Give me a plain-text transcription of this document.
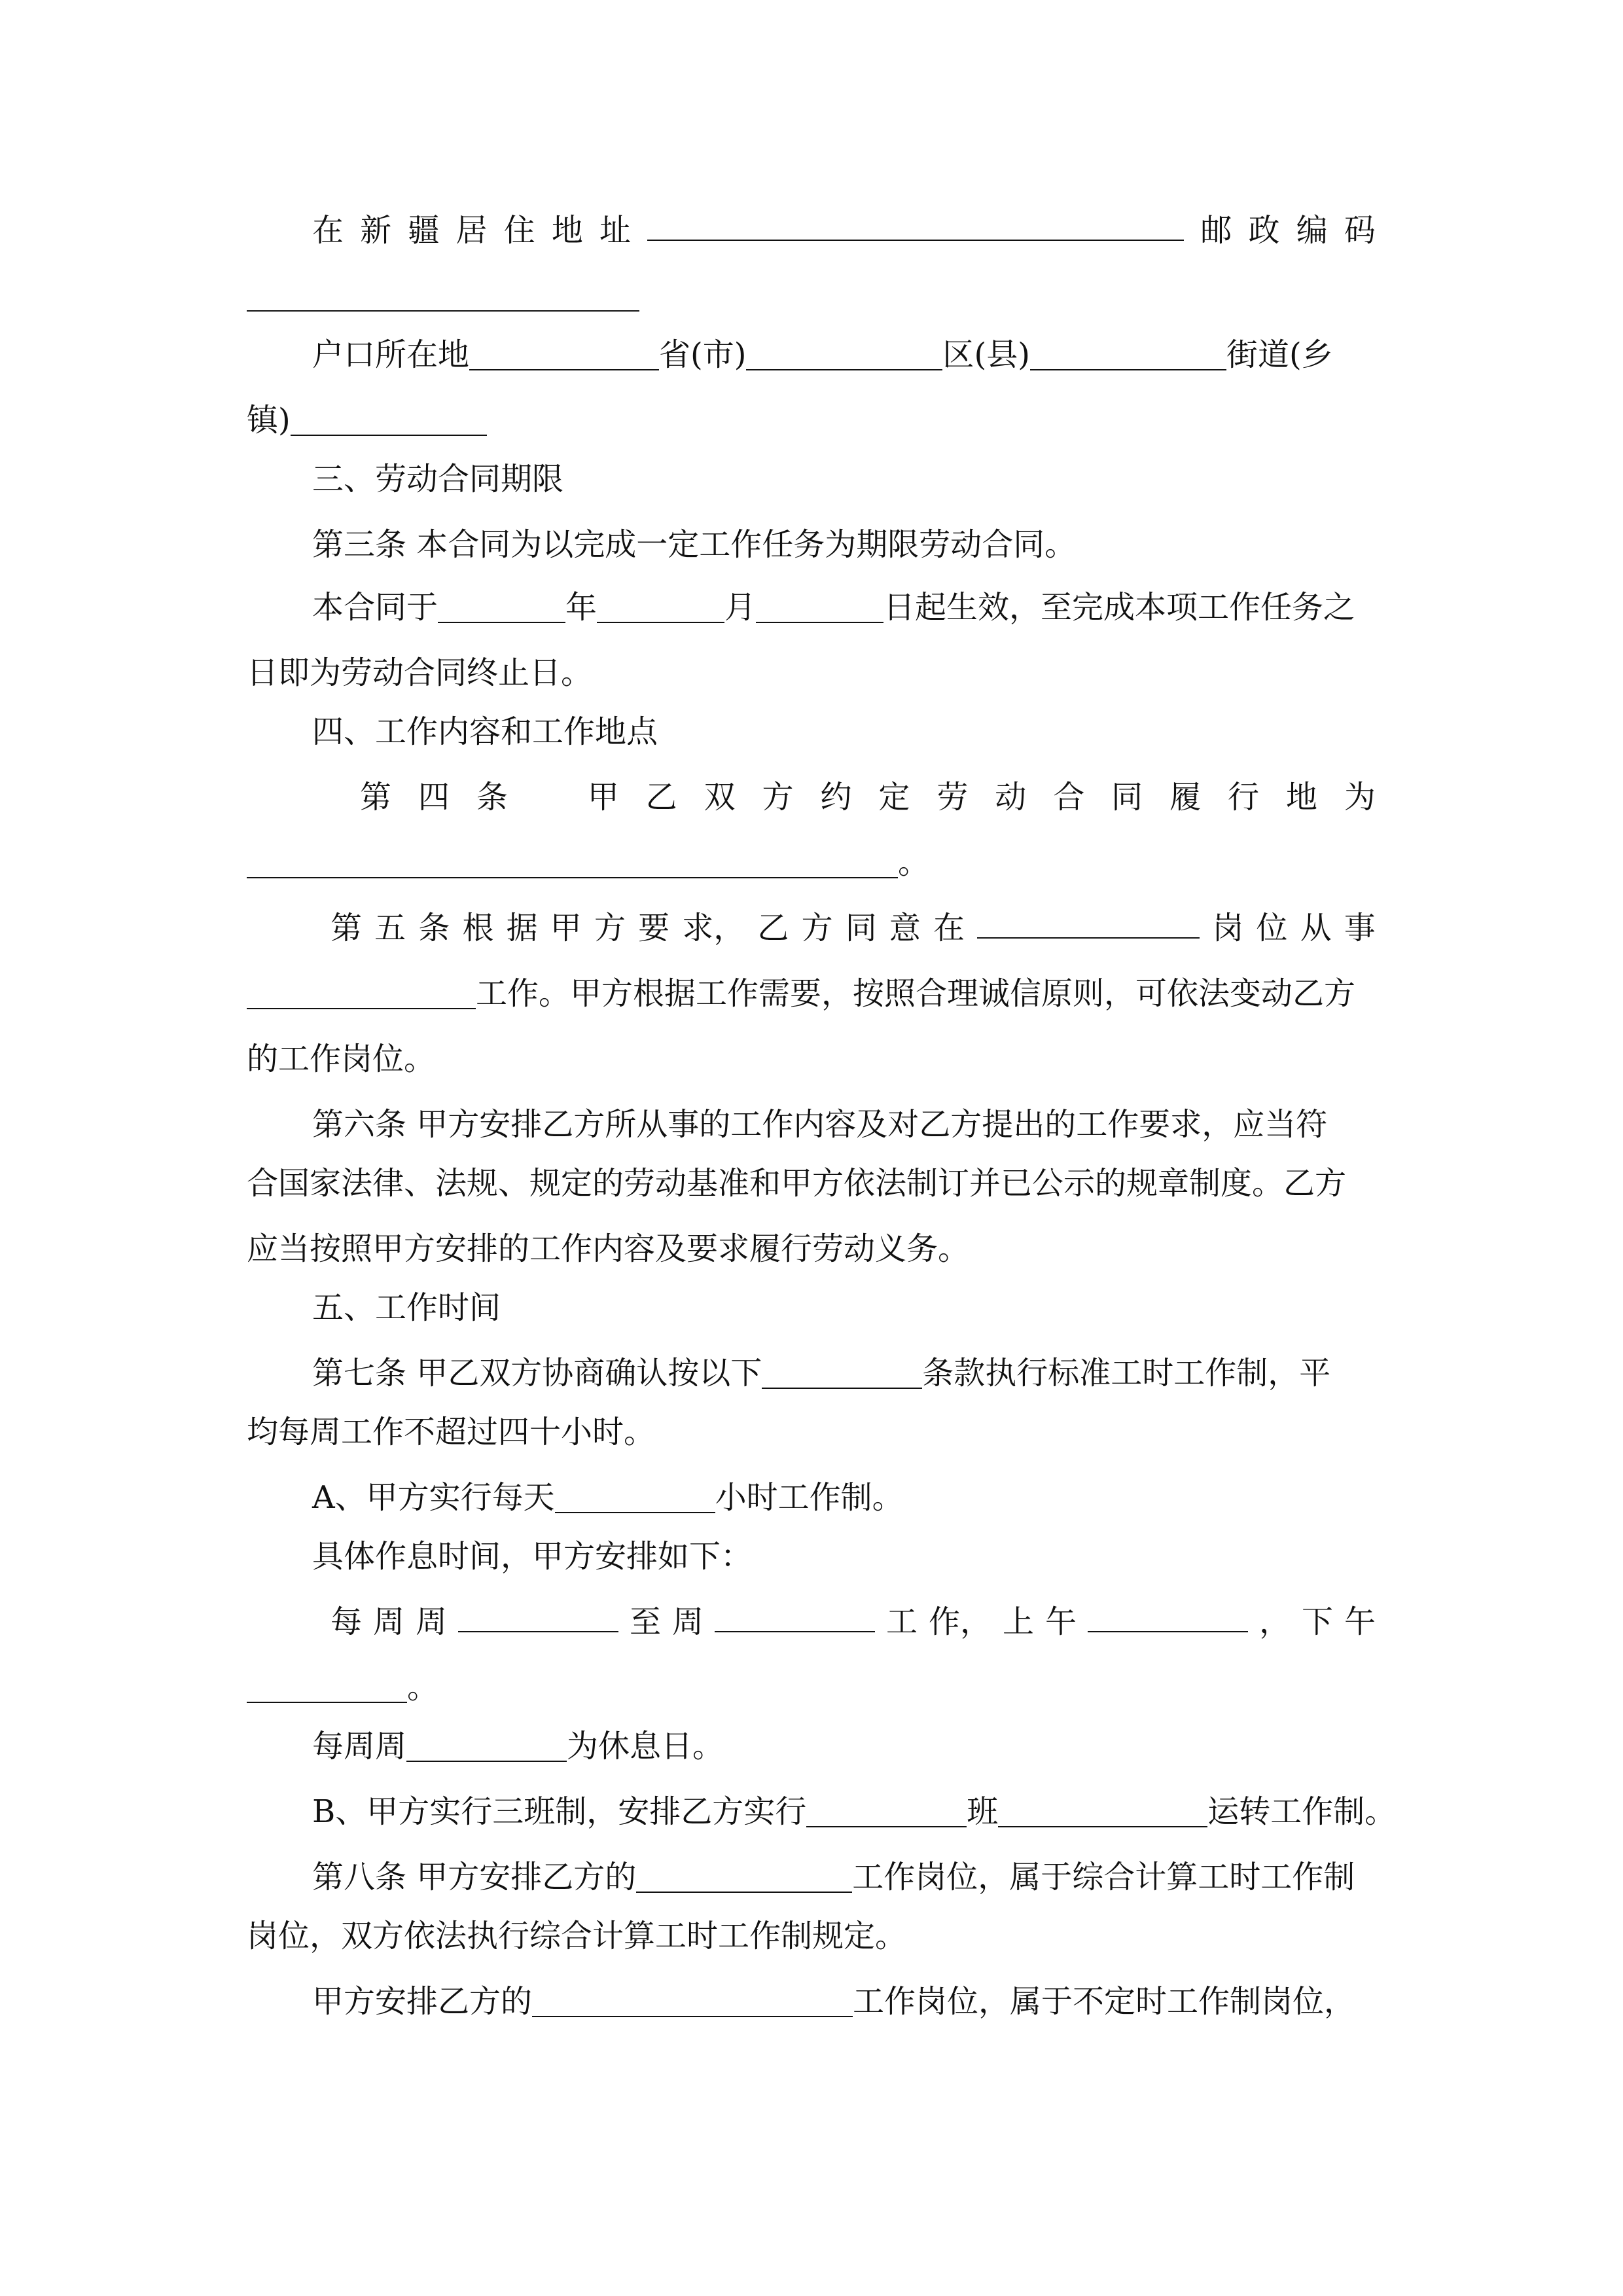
在 新 疆 居 住 地 址	邮 政 编 码
户口所在地	省(市)	区(县)	街道(乡
镇)
三、劳动合同期限
第三条 本合同为以完成一定工作任务为期限劳动合同。
本合同于	年	月	日起生效，至完成本项工作任务之
日即为劳动合同终止日。
四、工作内容和工作地点
第 四 条	甲 乙 双 方 约 定 劳 动 合 同 履 行 地 为
。
第 五 条 根 据 甲 方 要 求， 乙 方 同 意 在	岗 位 从 事
工作。甲方根据工作需要，按照合理诚信原则，可依法变动乙方
的工作岗位。
第六条 甲方安排乙方所从事的工作内容及对乙方提出的工作要求，应当符
合国家法律、法规、规定的劳动基准和甲方依法制订并已公示的规章制度。乙方
应当按照甲方安排的工作内容及要求履行劳动义务。
五、工作时间
第七条 甲乙双方协商确认按以下	条款执行标准工时工作制，平
均每周工作不超过四十小时。
A、甲方实行每天	小时工作制。
具体作息时间，甲方安排如下：
每 周 周	至 周	工 作， 上 午	， 下 午
。
每周周	为休息日。
B、甲方实行三班制，安排乙方实行	班	运转工作制。
第八条 甲方安排乙方的	工作岗位，属于综合计算工时工作制
岗位，双方依法执行综合计算工时工作制规定。
甲方安排乙方的	工作岗位，属于不定时工作制岗位，
